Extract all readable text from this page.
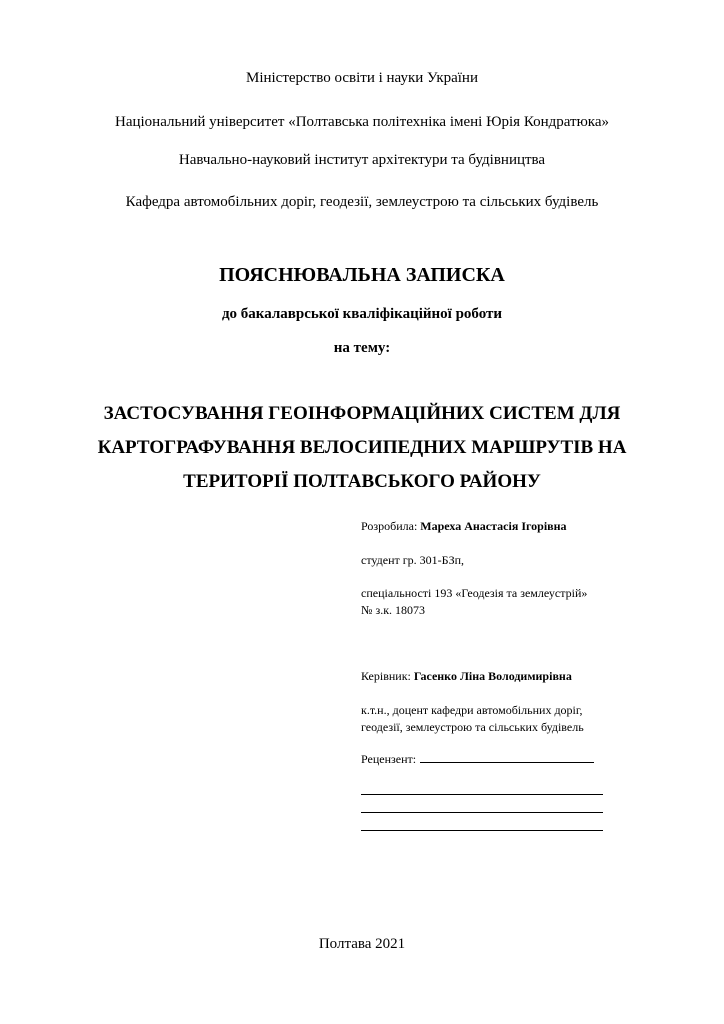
Міністерство освіти і науки України
Національний університет «Полтавська політехніка імені Юрія Кондратюка»
Навчально-науковий інститут архітектури та будівництва
Кафедра автомобільних доріг, геодезії, землеустрою та сільських будівель
ПОЯСНЮВАЛЬНА ЗАПИСКА
до бакалаврської кваліфікаційної роботи
на тему:
ЗАСТОСУВАННЯ ГЕОІНФОРМАЦІЙНИХ СИСТЕМ ДЛЯ
КАРТОГРАФУВАННЯ ВЕЛОСИПЕДНИХ МАРШРУТІВ НА
ТЕРИТОРІЇ ПОЛТАВСЬКОГО РАЙОНУ
Розробила: Мареха Анастасія Ігорівна
студент гр. 301-БЗп,
спеціальності 193 «Геодезія та землеустрій»
№ з.к. 18073
Керівник: Гасенко Ліна Володимирівна
к.т.н., доцент кафедри автомобільних доріг,
геодезії, землеустрою та сільських будівель
Рецензент:
Полтава 2021
